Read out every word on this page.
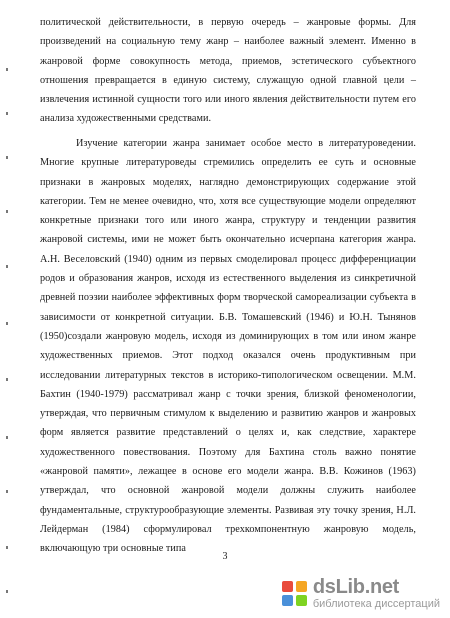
политической действительности, в первую очередь – жанровые формы. Для произведений на социальную тему жанр – наиболее важный элемент. Именно в жанровой форме совокупность метода, приемов, эстетического субъектного отношения превращается в единую систему, служащую одной главной цели – извлечения истинной сущности того или иного явления действительности путем его анализа художественными средствами.

Изучение категории жанра занимает особое место в литературоведении. Многие крупные литературоведы стремились определить ее суть и основные признаки в жанровых моделях, наглядно демонстрирующих содержание этой категории. Тем не менее очевидно, что, хотя все существующие модели определяют конкретные признаки того или иного жанра, структуру и тенденции развития жанровой системы, ими не может быть окончательно исчерпана категория жанра. А.Н. Веселовский (1940) одним из первых смоделировал процесс дифференциации родов и образования жанров, исходя из естественного выделения из синкретичной древней поэзии наиболее эффективных форм творческой самореализации субъекта в зависимости от конкретной ситуации. Б.В. Томашевский (1946) и Ю.Н. Тынянов (1950)создали жанровую модель, исходя из доминирующих в том или ином жанре художественных приемов. Этот подход оказался очень продуктивным при исследовании литературных текстов в историко-типологическом освещении. М.М. Бахтин (1940-1979) рассматривал жанр с точки зрения, близкой феноменологии, утверждая, что первичным стимулом к выделению и развитию жанров и жанровых форм является развитие представлений о целях и, как следствие, характере художественного повествования. Поэтому для Бахтина столь важно понятие «жанровой памяти», лежащее в основе его модели жанра. В.В. Кожинов (1963) утверждал, что основной жанровой модели должны служить наиболее фундаментальные, структурообразующие элементы. Развивая эту точку зрения, Н.Л. Лейдерман (1984) сформулировал трехкомпонентную жанровую модель, включающую три основные типа

3
dsLib.net
библиотека диссертаций
